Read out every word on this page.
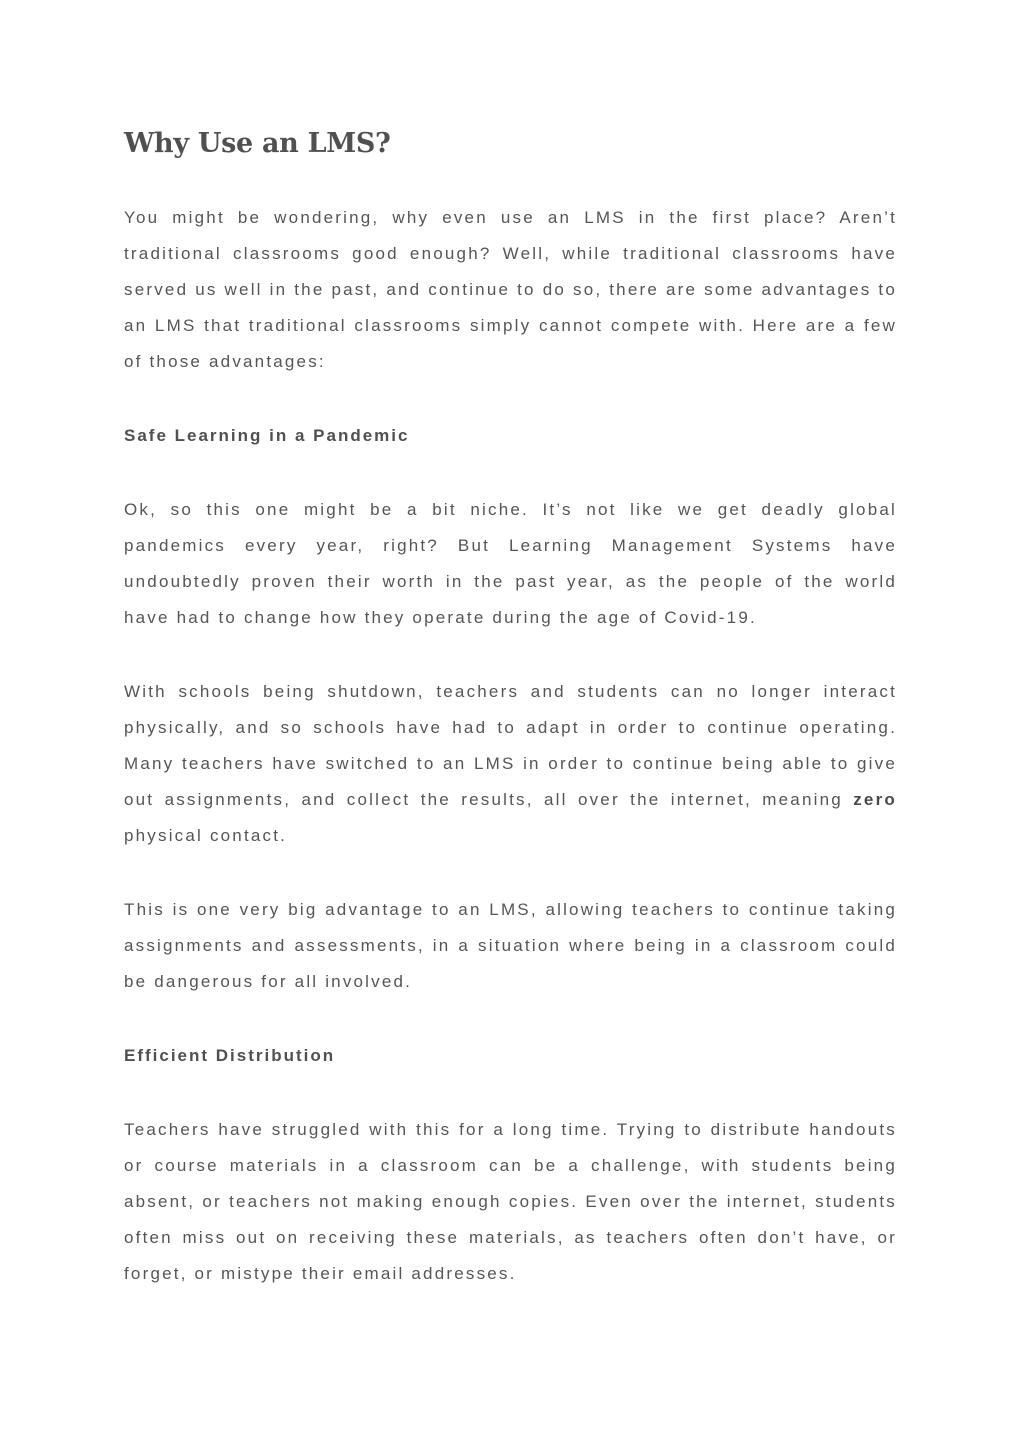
Why Use an LMS?

You might be wondering, why even use an LMS in the first place? Aren’t traditional classrooms good enough? Well, while traditional classrooms have served us well in the past, and continue to do so, there are some advantages to an LMS that traditional classrooms simply cannot compete with. Here are a few of those advantages:

Safe Learning in a Pandemic

Ok, so this one might be a bit niche. It’s not like we get deadly global pandemics every year, right? But Learning Management Systems have undoubtedly proven their worth in the past year, as the people of the world have had to change how they operate during the age of Covid-19.

With schools being shutdown, teachers and students can no longer interact physically, and so schools have had to adapt in order to continue operating. Many teachers have switched to an LMS in order to continue being able to give out assignments, and collect the results, all over the internet, meaning zero physical contact.

This is one very big advantage to an LMS, allowing teachers to continue taking assignments and assessments, in a situation where being in a classroom could be dangerous for all involved.

Efficient Distribution

Teachers have struggled with this for a long time. Trying to distribute handouts or course materials in a classroom can be a challenge, with students being absent, or teachers not making enough copies. Even over the internet, students often miss out on receiving these materials, as teachers often don’t have, or forget, or mistype their email addresses.
